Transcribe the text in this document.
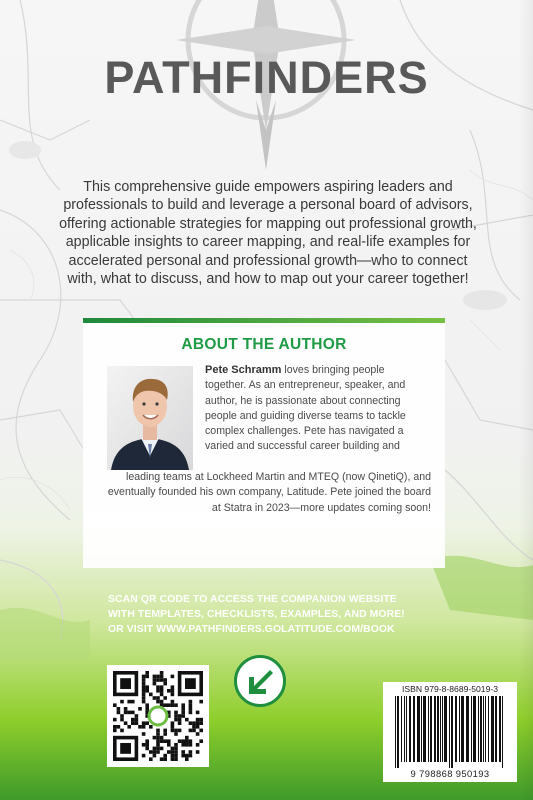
PATHFINDERS

This comprehensive guide empowers aspiring leaders and professionals to build and leverage a personal board of advisors, offering actionable strategies for mapping out professional growth, applicable insights to career mapping, and real-life examples for accelerated personal and professional growth—who to connect with, what to discuss, and how to map out your career together!

ABOUT THE AUTHOR

Pete Schramm loves bringing people together. As an entrepreneur, speaker, and author, he is passionate about connecting people and guiding diverse teams to tackle complex challenges. Pete has navigated a varied and successful career building and

leading teams at Lockheed Martin and MTEQ (now QinetiQ), and eventually founded his own company, Latitude. Pete joined the board at Statra in 2023—more updates coming soon!

SCAN QR CODE TO ACCESS THE COMPANION WEBSITE
WITH TEMPLATES, CHECKLISTS, EXAMPLES, AND MORE!
OR VISIT WWW.PATHFINDERS.GOLATITUDE.COM/BOOK

ISBN 979-8-8689-5019-3

9 798868 950193
